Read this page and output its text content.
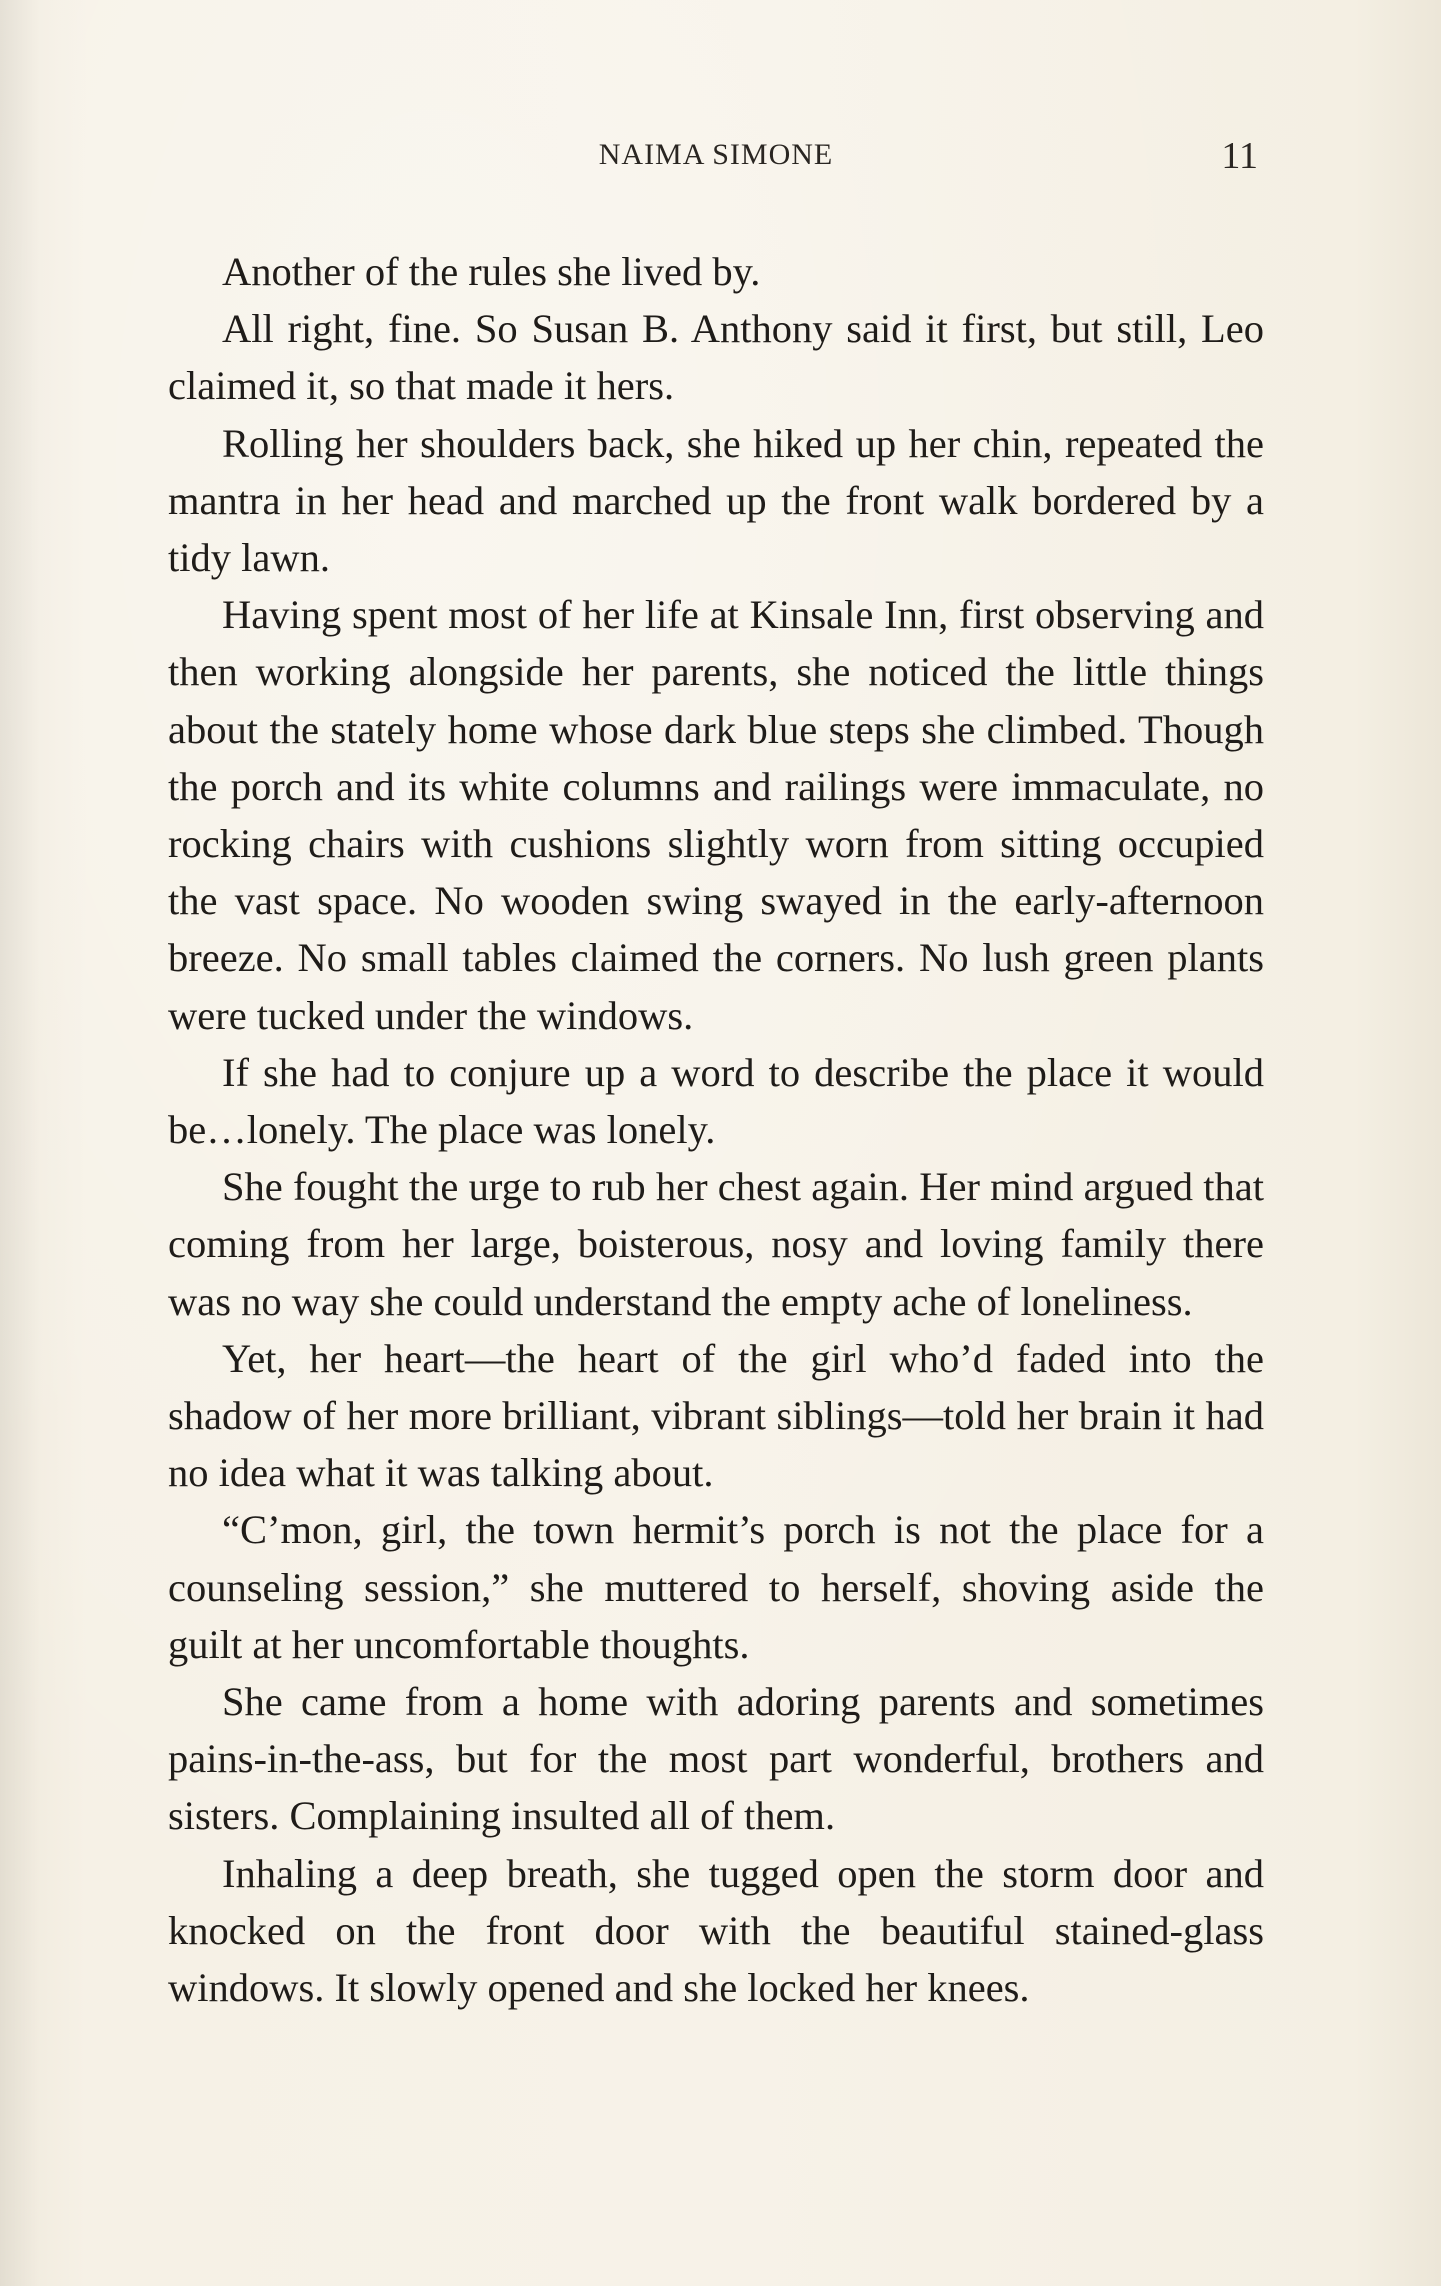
NAIMA SIMONE	11

Another of the rules she lived by.

All right, fine. So Susan B. Anthony said it first, but still, Leo claimed it, so that made it hers.

Rolling her shoulders back, she hiked up her chin, repeated the mantra in her head and marched up the front walk bordered by a tidy lawn.

Having spent most of her life at Kinsale Inn, first observing and then working alongside her parents, she noticed the little things about the stately home whose dark blue steps she climbed. Though the porch and its white columns and railings were immaculate, no rocking chairs with cushions slightly worn from sitting occupied the vast space. No wooden swing swayed in the early-afternoon breeze. No small tables claimed the corners. No lush green plants were tucked under the windows.

If she had to conjure up a word to describe the place it would be…lonely. The place was lonely.

She fought the urge to rub her chest again. Her mind argued that coming from her large, boisterous, nosy and loving family there was no way she could understand the empty ache of loneliness.

Yet, her heart—the heart of the girl who’d faded into the shadow of her more brilliant, vibrant siblings—told her brain it had no idea what it was talking about.

“C’mon, girl, the town hermit’s porch is not the place for a counseling session,” she muttered to herself, shoving aside the guilt at her uncomfortable thoughts.

She came from a home with adoring parents and sometimes pains-in-the-ass, but for the most part wonderful, brothers and sisters. Complaining insulted all of them.

Inhaling a deep breath, she tugged open the storm door and knocked on the front door with the beautiful stained-glass windows. It slowly opened and she locked her knees.
